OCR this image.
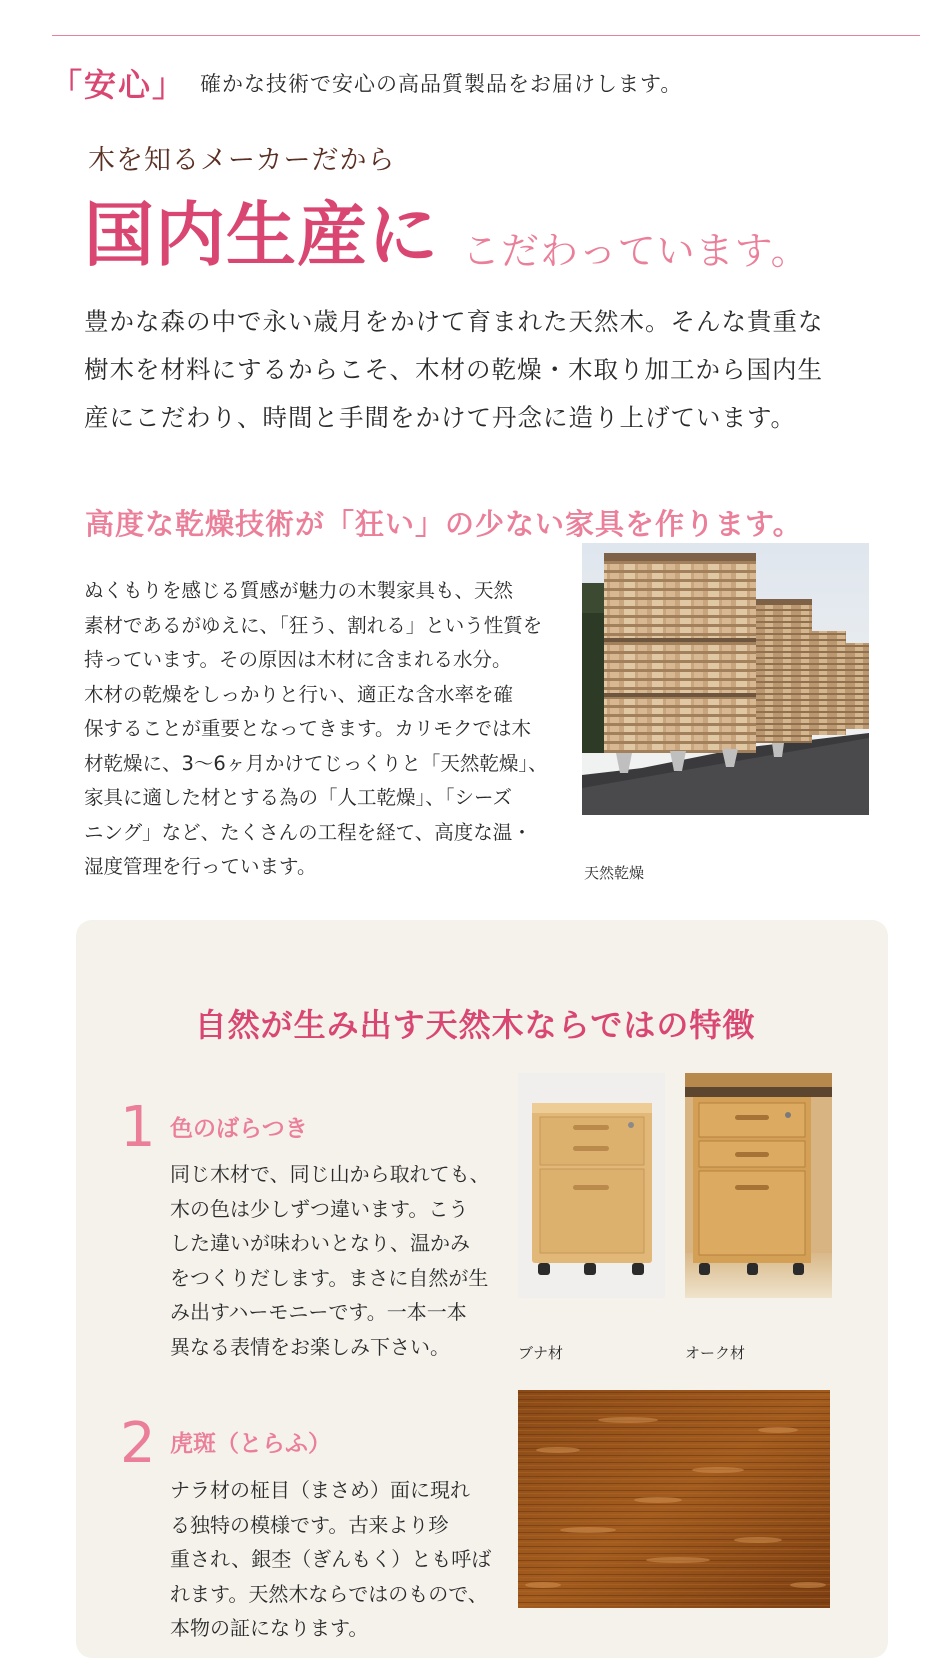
「安心」 確かな技術で安心の高品質製品をお届けします。
木を知るメーカーだから
国内生産に こだわっています。

豊かな森の中で永い歳月をかけて育まれた天然木。そんな貴重な

樹木を材料にするからこそ、木材の乾燥・木取り加工から国内生

産にこだわり、時間と手間をかけて丹念に造り上げています。

高度な乾燥技術が「狂い」の少ない家具を作ります。

ぬくもりを感じる質感が魅力の木製家具も、天然

素材であるがゆえに、「狂う、割れる」という性質を

持っています。その原因は木材に含まれる水分。

木材の乾燥をしっかりと行い、適正な含水率を確

保することが重要となってきます。カリモクでは木

材乾燥に、3〜6ヶ月かけてじっくりと「天然乾燥」、

家具に適した材とする為の「人工乾燥」、「シーズ

ニング」など、たくさんの工程を経て、高度な温・

湿度管理を行っています。	天然乾燥
自然が生み出す天然木ならではの特徴
1 色のばらつき

同じ木材で、同じ山から取れても、

木の色は少しずつ違います。こう

した違いが味わいとなり、温かみ

をつくりだします。まさに自然が生

み出すハーモニーです。一本一本

異なる表情をお楽しみ下さい。	ブナ材	オーク材
2 虎斑（とらふ）

ナラ材の柾目（まさめ）面に現れ

る独特の模様です。古来より珍

重され、銀杢（ぎんもく）とも呼ば

れます。天然木ならではのもので、

本物の証になります。
